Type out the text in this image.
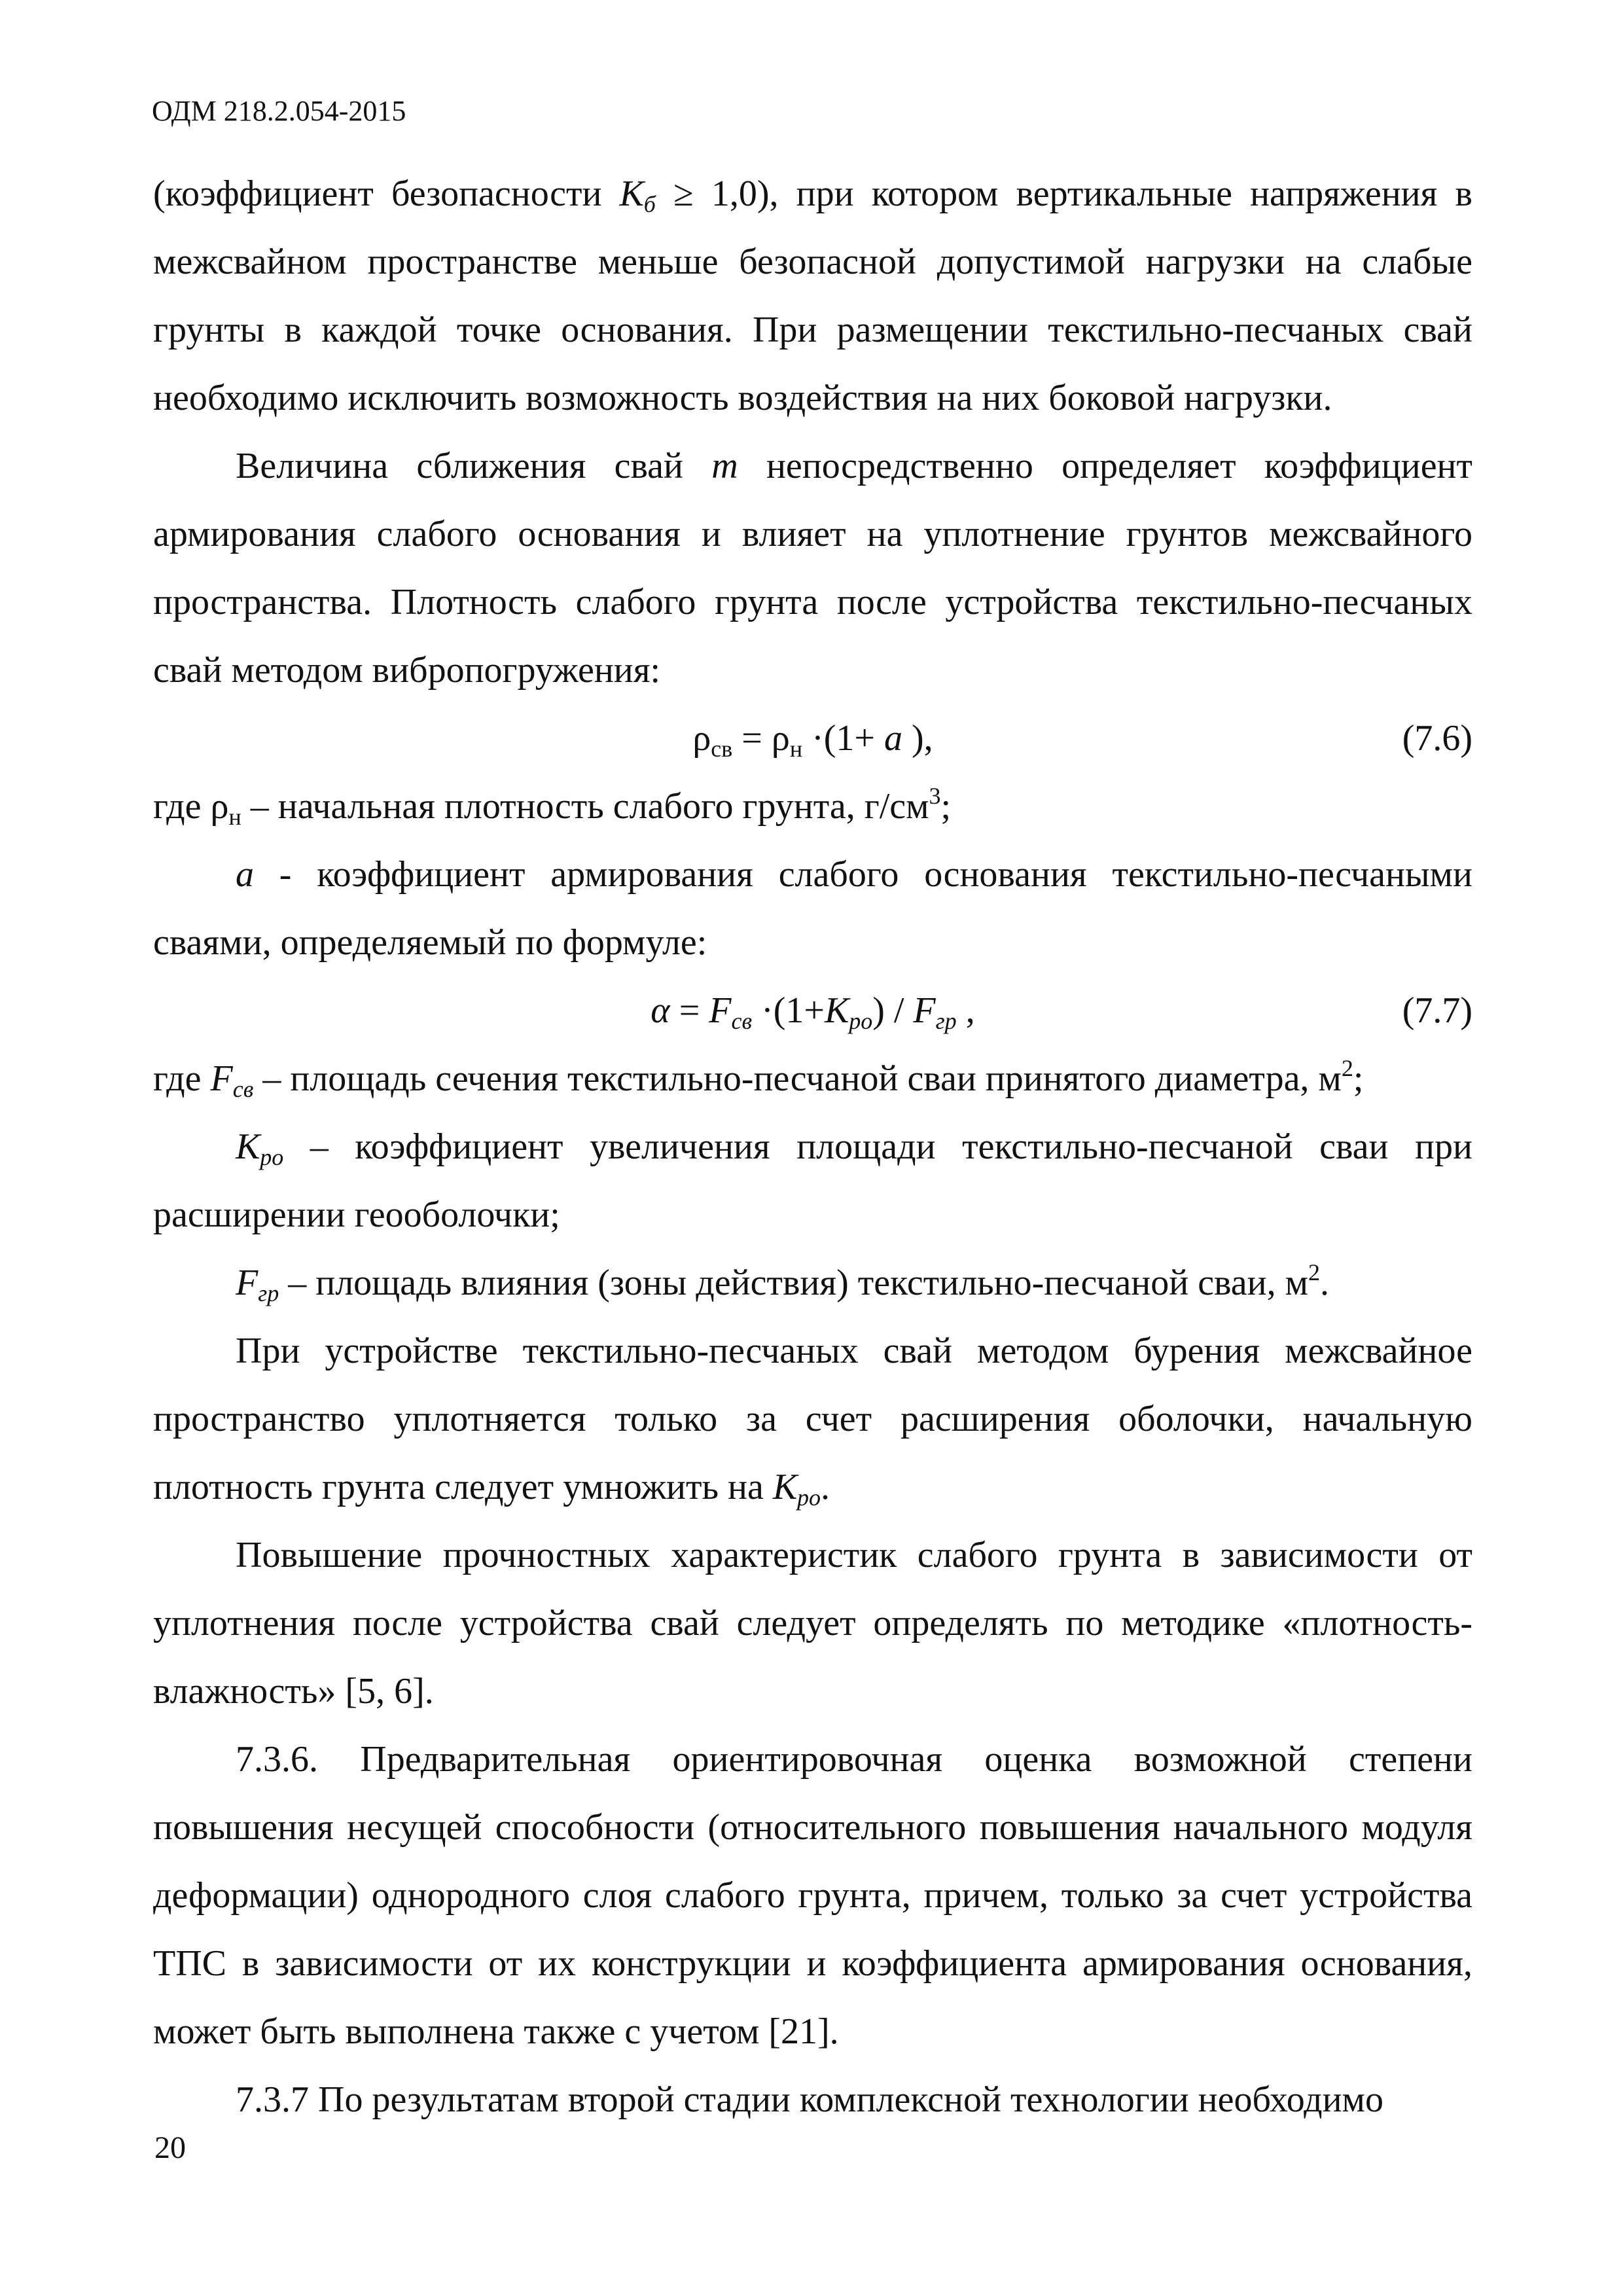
ОДМ 218.2.054-2015

(коэффициент безопасности $К_б \ge 1,0$), при котором вертикальные напряжения в межсвайном пространстве меньше безопасной допустимой нагрузки на слабые грунты в каждой точке основания. При размещении текстильно-песчаных свай необходимо исключить возможность воздействия на них боковой нагрузки.

Величина сближения свай m непосредственно определяет коэффициент армирования слабого основания и влияет на уплотнение грунтов межсвайного пространства. Плотность слабого грунта после устройства текстильно-песчаных свай методом вибропогружения:

$\rho_{св} = \rho_н \cdot(1+ a$ ),	(7.6)

где $\rho_н$ – начальная плотность слабого грунта, $г/см^3$;

a - коэффициент армирования слабого основания текстильно-песчаными сваями, определяемый по формуле:

$\alpha = F_{св} \cdot(1+К_{ро}) / F_{гр}$ ,	(7.7)

где $F_{св}$ – площадь сечения текстильно-песчаной сваи принятого диаметра, $м^2$;

$К_{ро}$ – коэффициент увеличения площади текстильно-песчаной сваи при расширении геооболочки;

$F_{гр}$ – площадь влияния (зоны действия) текстильно-песчаной сваи, $м^2$.

При устройстве текстильно-песчаных свай методом бурения межсвайное пространство уплотняется только за счет расширения оболочки, начальную плотность грунта следует умножить на $К_{ро}$.

Повышение прочностных характеристик слабого грунта в зависимости от уплотнения после устройства свай следует определять по методике «плотность-влажность» [5, 6].

7.3.6. Предварительная ориентировочная оценка возможной степени повышения несущей способности (относительного повышения начального модуля деформации) однородного слоя слабого грунта, причем, только за счет устройства ТПС в зависимости от их конструкции и коэффициента армирования основания, может быть выполнена также с учетом [21].

7.3.7 По результатам второй стадии комплексной технологии необходимо

20
